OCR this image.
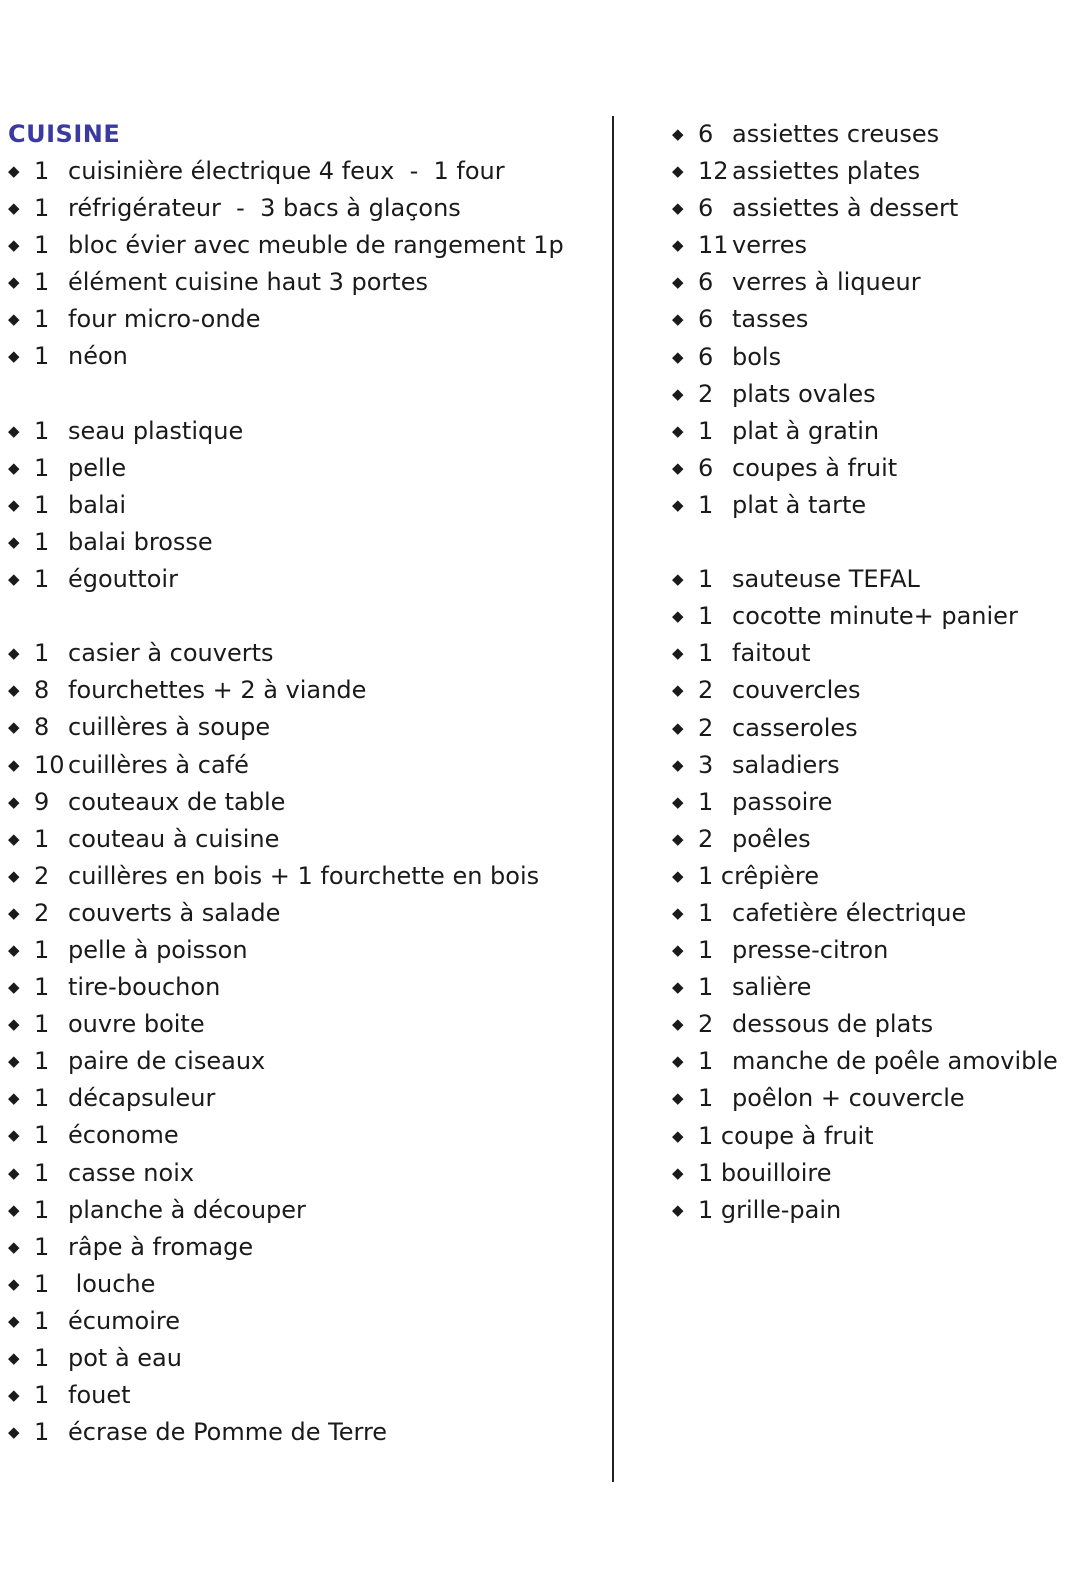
CUISINE
◆ 1 cuisinière électrique 4 feux  -  1 four
◆ 1 réfrigérateur  -  3 bacs à glaçons
◆ 1 bloc évier avec meuble de rangement 1p
◆ 1 élément cuisine haut 3 portes
◆ 1 four micro-onde
◆ 1 néon
◆ 1 seau plastique
◆ 1 pelle
◆ 1 balai
◆ 1 balai brosse
◆ 1 égouttoir
◆ 1 casier à couverts
◆ 8 fourchettes + 2 à viande
◆ 8 cuillères à soupe
◆ 10 cuillères à café
◆ 9 couteaux de table
◆ 1 couteau à cuisine
◆ 2 cuillères en bois + 1 fourchette en bois
◆ 2 couverts à salade
◆ 1 pelle à poisson
◆ 1 tire-bouchon
◆ 1 ouvre boite
◆ 1 paire de ciseaux
◆ 1 décapsuleur
◆ 1 économe
◆ 1 casse noix
◆ 1 planche à découper
◆ 1 râpe à fromage
◆ 1 louche
◆ 1 écumoire
◆ 1 pot à eau
◆ 1 fouet
◆ 1 écrase de Pomme de Terre
◆ 6 assiettes creuses
◆ 12 assiettes plates
◆ 6 assiettes à dessert
◆ 11 verres
◆ 6 verres à liqueur
◆ 6 tasses
◆ 6 bols
◆ 2 plats ovales
◆ 1 plat à gratin
◆ 6 coupes à fruit
◆ 1 plat à tarte
◆ 1 sauteuse TEFAL
◆ 1 cocotte minute+ panier
◆ 1 faitout
◆ 2 couvercles
◆ 2 casseroles
◆ 3 saladiers
◆ 1 passoire
◆ 2 poêles
◆ 1 crêpière
◆ 1 cafetière électrique
◆ 1 presse-citron
◆ 1 salière
◆ 2 dessous de plats
◆ 1 manche de poêle amovible
◆ 1 poêlon + couvercle
◆ 1 coupe à fruit
◆ 1 bouilloire
◆ 1 grille-pain
